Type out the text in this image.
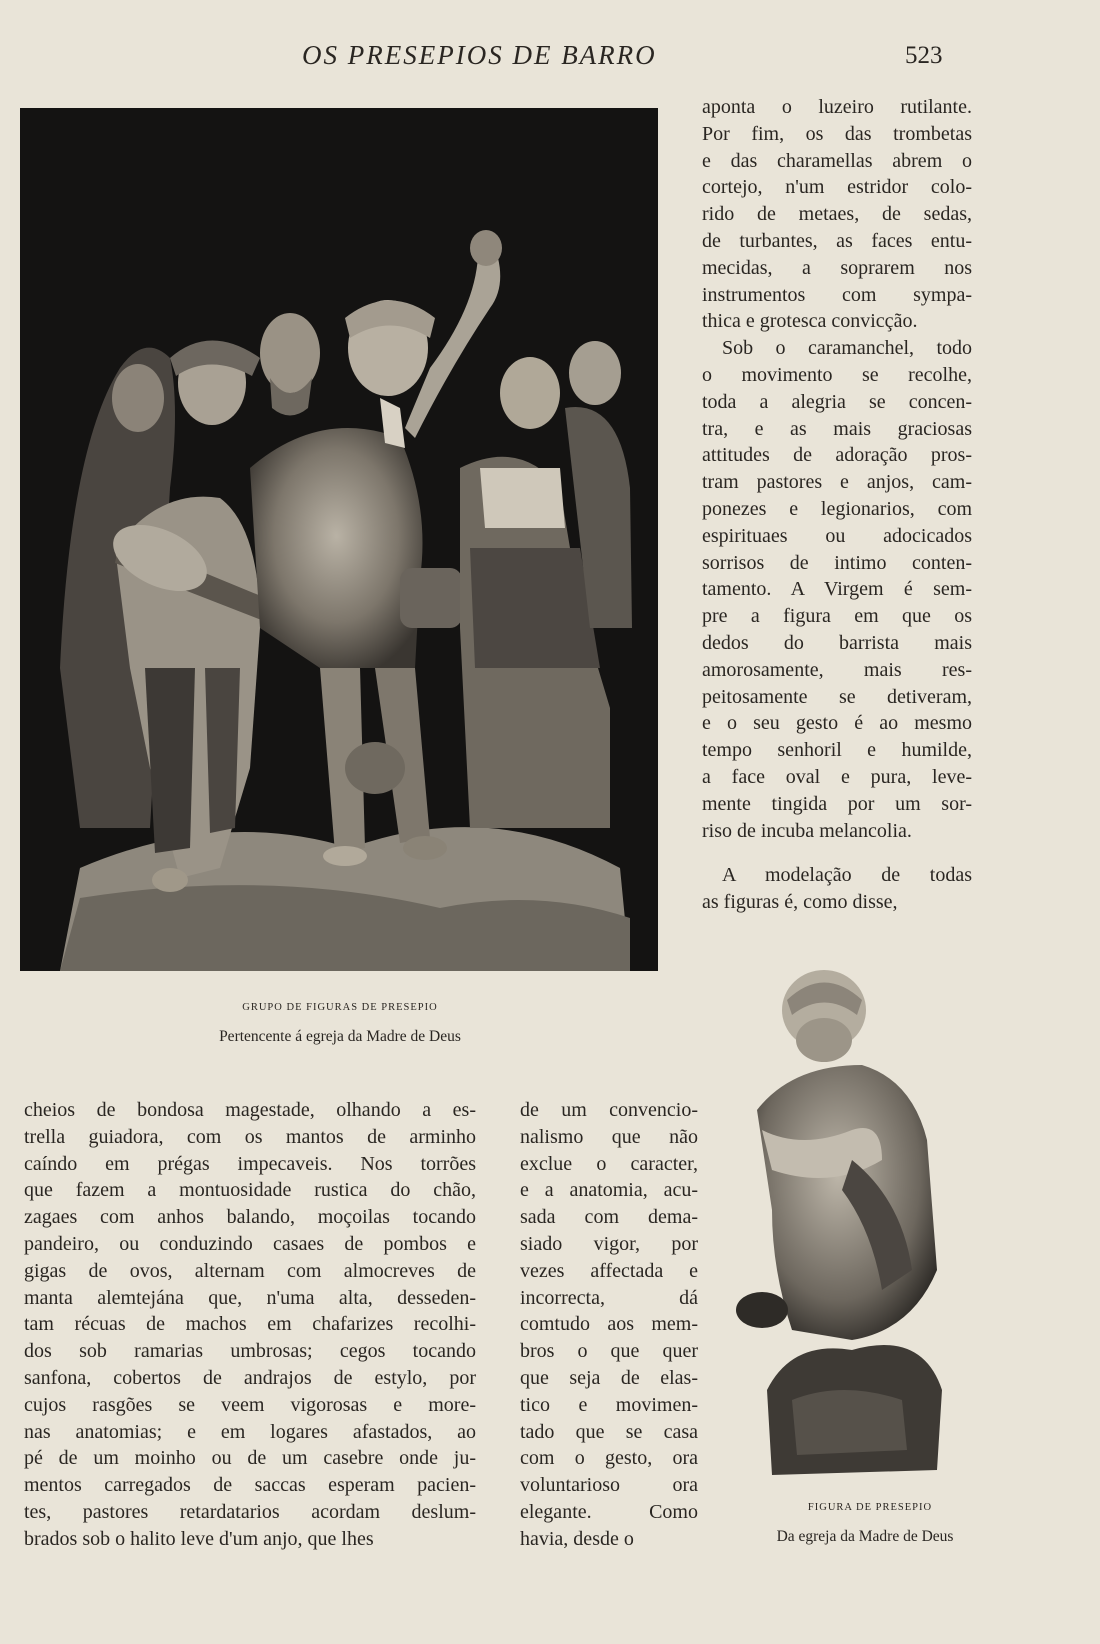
OS PRESEPIOS DE BARRO	523

GRUPO DE FIGURAS DE PRESEPIO

Pertencente á egreja da Madre de Deus

FIGURA DE PRESEPIO

Da egreja da Madre de Deus

aponta o luzeiro rutilante.
Por fim, os das trombetas
e das charamellas abrem o
cortejo, n'um estridor colo-
rido de metaes, de sedas,
de turbantes, as faces entu-
mecidas, a soprarem nos
instrumentos com sympa-
thica e grotesca convicção.
Sob o caramanchel, todo
o movimento se recolhe,
toda a alegria se concen-
tra, e as mais graciosas
attitudes de adoração pros-
tram pastores e anjos, cam-
ponezes e legionarios, com
espirituaes ou adocicados
sorrisos de intimo conten-
tamento. A Virgem é sem-
pre a figura em que os
dedos do barrista mais
amorosamente, mais res-
peitosamente se detiveram,
e o seu gesto é ao mesmo
tempo senhoril e humilde,
a face oval e pura, leve-
mente tingida por um sor-
riso de incuba melancolia.
A modelação de todas
as figuras é, como disse,
cheios de bondosa magestade, olhando a es-
trella guiadora, com os mantos de arminho
caíndo em prégas impecaveis. Nos torrões
que fazem a montuosidade rustica do chão,
zagaes com anhos balando, moçoilas tocando
pandeiro, ou conduzindo casaes de pombos e
gigas de ovos, alternam com almocreves de
manta alemtejána que, n'uma alta, desseden-
tam récuas de machos em chafarizes recolhi-
dos sob ramarias umbrosas; cegos tocando
sanfona, cobertos de andrajos de estylo, por
cujos rasgões se veem vigorosas e more-
nas anatomias; e em logares afastados, ao
pé de um moinho ou de um casebre onde ju-
mentos carregados de saccas esperam pacien-
tes, pastores retardatarios acordam deslum-
brados sob o halito leve d'um anjo, que lhes
de um convencio-
nalismo que não
exclue o caracter,
e a anatomia, acu-
sada com dema-
siado vigor, por
vezes affectada e
incorrecta, dá
comtudo aos mem-
bros o que quer
que seja de elas-
tico e movimen-
tado que se casa
com o gesto, ora
voluntarioso ora
elegante. Como
havia, desde o
